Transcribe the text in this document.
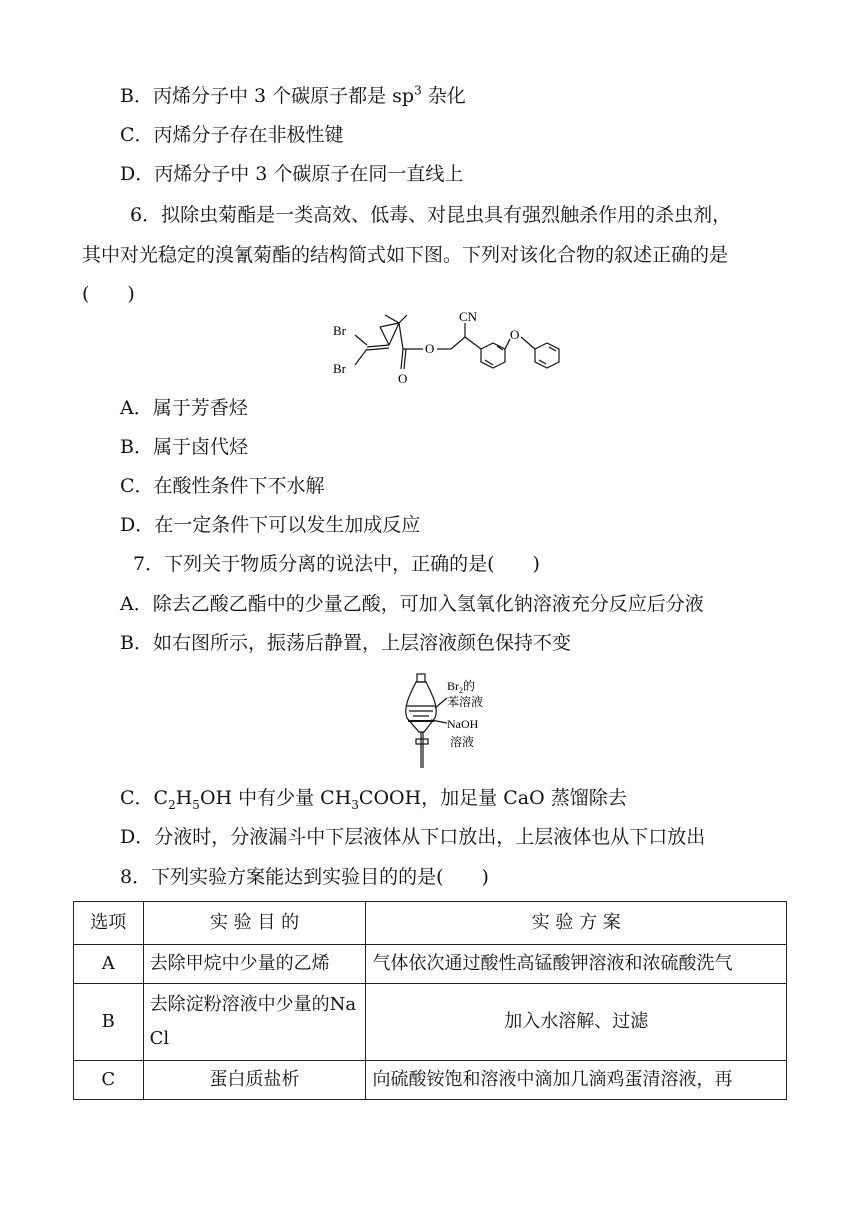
B．丙烯分子中 3 个碳原子都是 $sp^3$ 杂化
C．丙烯分子存在非极性键
D．丙烯分子中 3 个碳原子在同一直线上
6．拟除虫菊酯是一类高效、低毒、对昆虫具有强烈触杀作用的杀虫剂，
其中对光稳定的溴氰菊酯的结构简式如下图。下列对该化合物的叙述正确的是
(　　)
Br
Br
CN
O
O
O
A．属于芳香烃
B．属于卤代烃
C．在酸性条件下不水解
D．在一定条件下可以发生加成反应
7．下列关于物质分离的说法中，正确的是(　　)
A．除去乙酸乙酯中的少量乙酸，可加入氢氧化钠溶液充分反应后分液
B．如右图所示，振荡后静置，上层溶液颜色保持不变
$Br_2$的
苯溶液
NaOH
溶液
C．$C_2H_5OH$ 中有少量 $CH_3COOH$，加足量 CaO 蒸馏除去
D．分液时，分液漏斗中下层液体从下口放出，上层液体也从下口放出
8．下列实验方案能达到实验目的的是(　　)
选项	实 验 目 的	实 验 方 案
A	去除甲烷中少量的乙烯	气体依次通过酸性高锰酸钾溶液和浓硫酸洗气
B	去除淀粉溶液中少量的NaCl	加入水溶解、过滤
C	蛋白质盐析	向硫酸铵饱和溶液中滴加几滴鸡蛋清溶液，再
